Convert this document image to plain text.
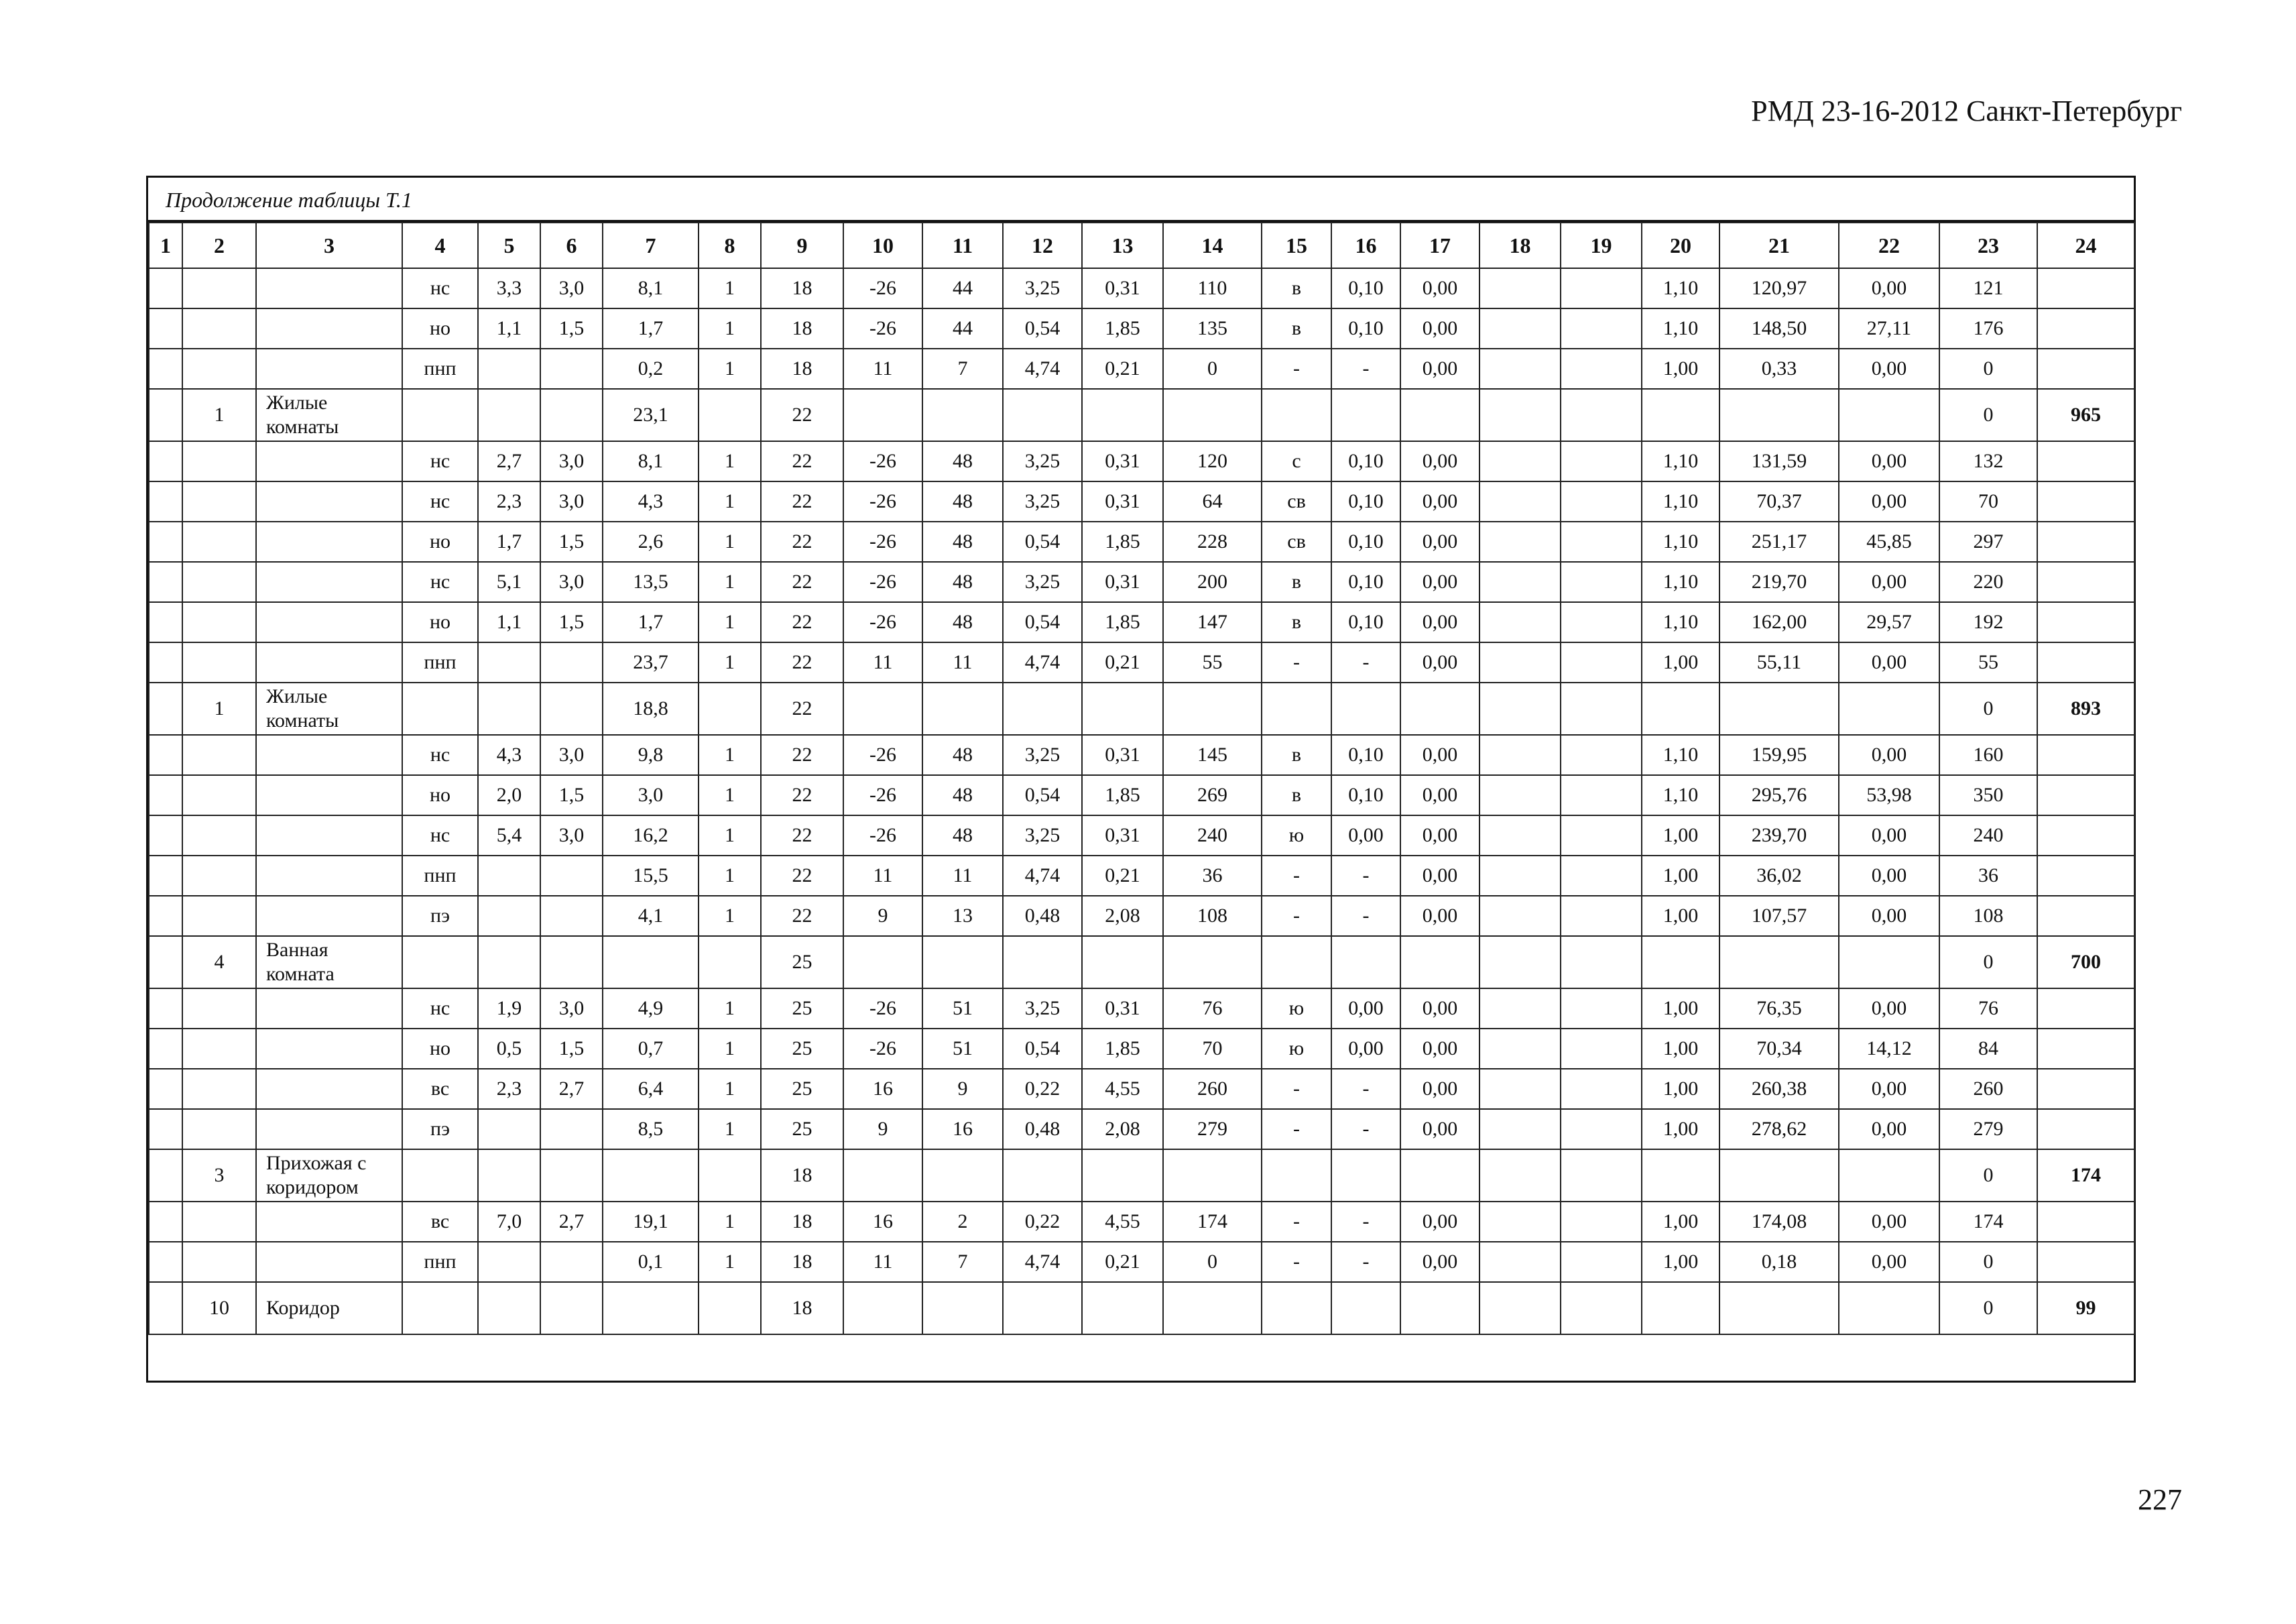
РМД 23-16-2012 Санкт-Петербург
Продолжение таблицы Т.1
1	2	3	4	5	6	7	8	9	10	11	12	13	14	15	16	17	18	19	20	21	22	23	24
			нс	3,3	3,0	8,1	1	18	-26	44	3,25	0,31	110	в	0,10	0,00			1,10	120,97	0,00	121	
			но	1,1	1,5	1,7	1	18	-26	44	0,54	1,85	135	в	0,10	0,00			1,10	148,50	27,11	176	
			пнп			0,2	1	18	11	7	4,74	0,21	0	-	-	0,00			1,00	0,33	0,00	0	
	1	Жилые комнаты				23,1		22														0	965
			нс	2,7	3,0	8,1	1	22	-26	48	3,25	0,31	120	с	0,10	0,00			1,10	131,59	0,00	132	
			нс	2,3	3,0	4,3	1	22	-26	48	3,25	0,31	64	св	0,10	0,00			1,10	70,37	0,00	70	
			но	1,7	1,5	2,6	1	22	-26	48	0,54	1,85	228	св	0,10	0,00			1,10	251,17	45,85	297	
			нс	5,1	3,0	13,5	1	22	-26	48	3,25	0,31	200	в	0,10	0,00			1,10	219,70	0,00	220	
			но	1,1	1,5	1,7	1	22	-26	48	0,54	1,85	147	в	0,10	0,00			1,10	162,00	29,57	192	
			пнп			23,7	1	22	11	11	4,74	0,21	55	-	-	0,00			1,00	55,11	0,00	55	
	1	Жилые комнаты				18,8		22														0	893
			нс	4,3	3,0	9,8	1	22	-26	48	3,25	0,31	145	в	0,10	0,00			1,10	159,95	0,00	160	
			но	2,0	1,5	3,0	1	22	-26	48	0,54	1,85	269	в	0,10	0,00			1,10	295,76	53,98	350	
			нс	5,4	3,0	16,2	1	22	-26	48	3,25	0,31	240	ю	0,00	0,00			1,00	239,70	0,00	240	
			пнп			15,5	1	22	11	11	4,74	0,21	36	-	-	0,00			1,00	36,02	0,00	36	
			пэ			4,1	1	22	9	13	0,48	2,08	108	-	-	0,00			1,00	107,57	0,00	108	
	4	Ванная комната						25														0	700
			нс	1,9	3,0	4,9	1	25	-26	51	3,25	0,31	76	ю	0,00	0,00			1,00	76,35	0,00	76	
			но	0,5	1,5	0,7	1	25	-26	51	0,54	1,85	70	ю	0,00	0,00			1,00	70,34	14,12	84	
			вс	2,3	2,7	6,4	1	25	16	9	0,22	4,55	260	-	-	0,00			1,00	260,38	0,00	260	
			пэ			8,5	1	25	9	16	0,48	2,08	279	-	-	0,00			1,00	278,62	0,00	279	
	3	Прихожая с коридором						18														0	174
			вс	7,0	2,7	19,1	1	18	16	2	0,22	4,55	174	-	-	0,00			1,00	174,08	0,00	174	
			пнп			0,1	1	18	11	7	4,74	0,21	0	-	-	0,00			1,00	0,18	0,00	0	
	10	Коридор						18														0	99
227
